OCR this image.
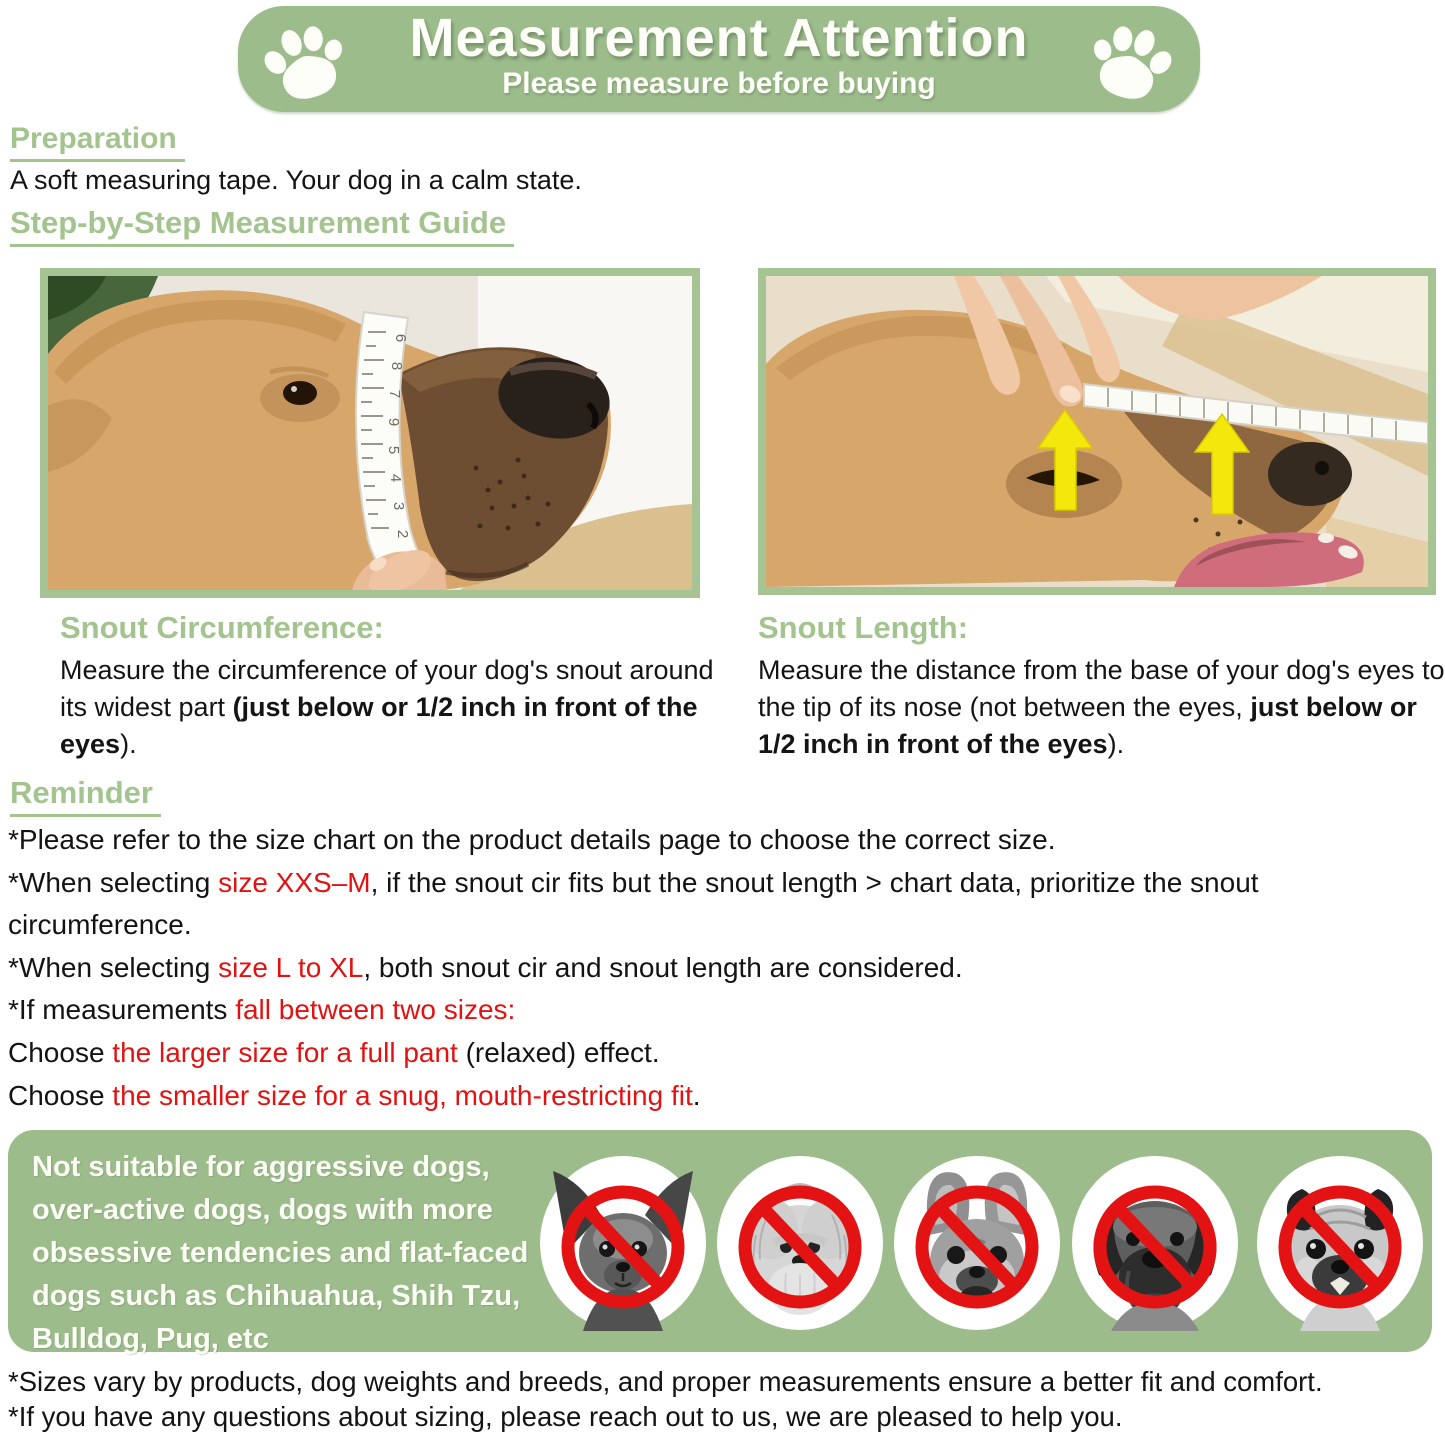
Measurement Attention
Please measure before buying
Preparation

A soft measuring tape. Your dog in a calm state.

Step-by-Step Measurement Guide
6
8
7
9
5
4
3
2
Snout Circumference:

Measure the circumference of your dog's snout around its widest part (just below or 1/2 inch in front of the eyes).

Snout Length:

Measure the distance from the base of your dog's eyes to the tip of its nose (not between the eyes, just below or 1/2 inch in front of the eyes).

Reminder

*Please refer to the size chart on the product details page to choose the correct size.

*When selecting size XXS–M, if the snout cir fits but the snout length > chart data, prioritize the snout circumference.

*When selecting size L to XL, both snout cir and snout length are considered.

*If measurements fall between two sizes:

Choose the larger size for a full pant (relaxed) effect.

Choose the smaller size for a snug, mouth-restricting fit.

Not suitable for aggressive dogs,
over-active dogs, dogs with more
obsessive tendencies and flat-faced
dogs such as Chihuahua, Shih Tzu,
Bulldog, Pug, etc

*Sizes vary by products, dog weights and breeds, and proper measurements ensure a better fit and comfort.

*If you have any questions about sizing, please reach out to us, we are pleased to help you.
